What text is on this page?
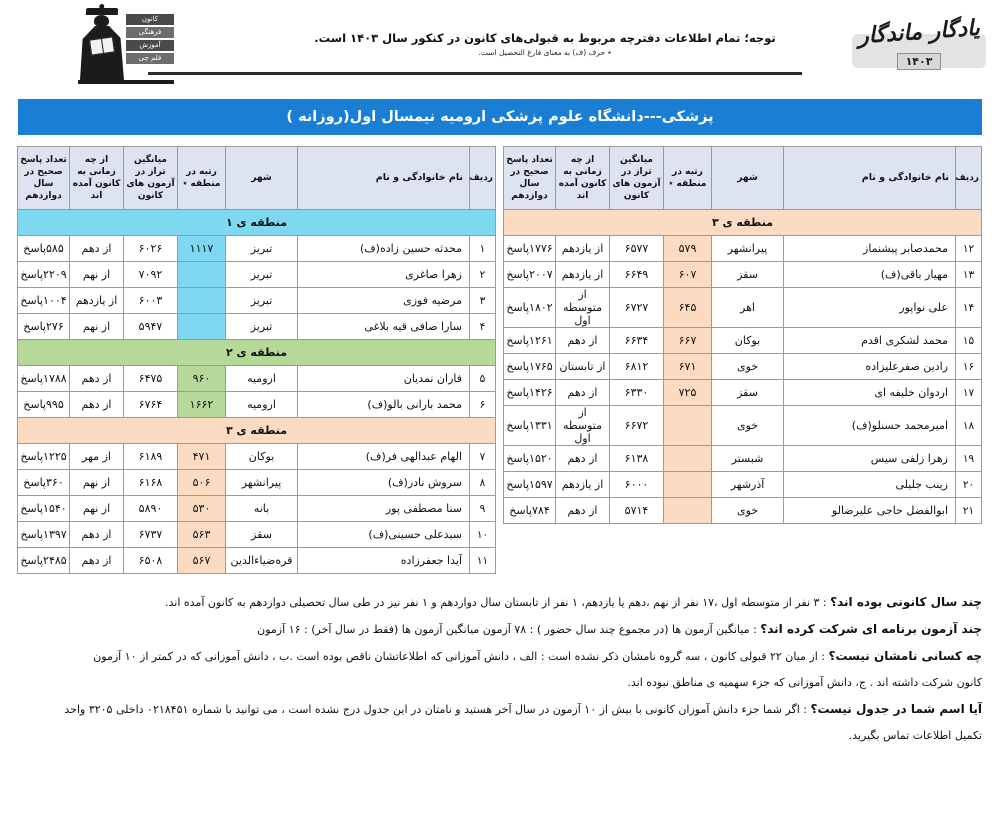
کانون
فرهنگی
آموزش
قلم چی
توجه؛ تمام اطلاعات دفترچه مربوط به قبولی‌های کانون در کنکور سال ۱۴۰۳ است.
٭ حرف (ف) به معنای فارغ التحصیل است.
یادگار ماندگار
۱۴۰۳
پزشکی---دانشگاه علوم پزشکی ارومیه نیمسال اول(روزانه )
ردیف	نام خانوادگی و نام	شهر	رتبه در منطقه ٭	میانگین تراز در آزمون های کانون	از چه زمانی به کانون آمده اند	تعداد پاسخ صحیح در سال دوازدهم
منطقه ی ۳						
۱۲	محمدصابر پیشنماز	پیرانشهر	۵۷۹	۶۵۷۷	از یازدهم	۱۷۷۶پاسخ
۱۳	مهیار باقی(ف)	سقز	۶۰۷	۶۶۴۹	از یازدهم	۲۰۰۷پاسخ
۱۴	علی نواپور	اهر	۶۴۵	۶۷۲۷	از متوسطه اول	۱۸۰۲پاسخ
۱۵	محمد لشکری اقدم	بوکان	۶۶۷	۶۶۳۴	از دهم	۱۲۶۱پاسخ
۱۶	رادین صفرعلیزاده	خوی	۶۷۱	۶۸۱۲	از تابستان	۱۷۶۵پاسخ
۱۷	اردوان خلیفه ای	سقز	۷۲۵	۶۳۳۰	از دهم	۱۴۲۶پاسخ
۱۸	امیرمحمد حسنلو(ف)	خوی		۶۶۷۲	از متوسطه اول	۱۳۳۱پاسخ
۱۹	زهرا زلفی سیس	شبستر		۶۱۳۸	از دهم	۱۵۲۰پاسخ
۲۰	زینب جلیلی	آذرشهر		۶۰۰۰	از یازدهم	۱۵۹۷پاسخ
۲۱	ابوالفضل حاجی علیرضالو	خوی		۵۷۱۴	از دهم	۷۸۴پاسخ
ردیف	نام خانوادگی و نام	شهر	رتبه در منطقه ٭	میانگین تراز در آزمون های کانون	از چه زمانی به کانون آمده اند	تعداد پاسخ صحیح در سال دوازدهم
منطقه ی ۱						
۱	محدثه حسین زاده(ف)	تبریز	۱۱۱۷	۶۰۲۶	از دهم	۵۸۵پاسخ
۲	زهرا صاغری	تبریز		۷۰۹۲	از نهم	۲۲۰۹پاسخ
۳	مرضیه فوزی	تبریز		۶۰۰۳	از یازدهم	۱۰۰۴پاسخ
۴	سارا صافی قیه بلاغی	تبریز		۵۹۴۷	از نهم	۲۷۶پاسخ
منطقه ی ۲						
۵	فاران نمدیان	ارومیه	۹۶۰	۶۴۷۵	از دهم	۱۷۸۸پاسخ
۶	محمد بارانی بالو(ف)	ارومیه	۱۶۶۲	۶۷۶۴	از دهم	۹۹۵پاسخ
منطقه ی ۳						
۷	الهام عبدالهی فر(ف)	بوکان	۴۷۱	۶۱۸۹	از مهر	۱۲۲۵پاسخ
۸	سروش نادر(ف)	پیرانشهر	۵۰۶	۶۱۶۸	از نهم	۳۶۰پاسخ
۹	سنا مصطفی پور	بانه	۵۳۰	۵۸۹۰	از نهم	۱۵۴۰پاسخ
۱۰	سیدعلی حسینی(ف)	سقز	۵۶۳	۶۷۳۷	از دهم	۱۳۹۷پاسخ
۱۱	آیدا جعفرزاده	قره‌ضیاءالدین	۵۶۷	۶۵۰۸	از دهم	۲۴۸۵پاسخ

چند سال کانونی بوده اند؟ : ۳ نفر از متوسطه اول ،۱۷ نفر از نهم ،دهم یا یازدهم، ۱ نفر از تابستان سال دوازدهم و ۱ نفر نیز در طی سال تحصیلی دوازدهم به کانون آمده اند.

چند آزمون برنامه ای شرکت کرده اند؟ : میانگین آزمون ها (در مجموع چند سال حضور ) : ۷۸ آزمون میانگین آزمون ها (فقط در سال آخر) : ۱۶ آزمون

چه کسانی نامشان نیست؟ : از میان ۲۲ قبولی کانون ، سه گروه نامشان ذکر نشده است : الف ، دانش آموزانی که اطلاعاتشان ناقص بوده است .ب ، دانش آموزانی که در کمتر از ۱۰ آزمون

کانون شرکت داشته اند . ج، دانش آموزانی که جزء سهمیه ی مناطق نبوده اند.

آیا اسم شما در جدول نیست؟ : اگر شما جزء دانش آموزان کانونی با بیش از ۱۰ آزمون در سال آخر هستید و نامتان در این جدول درج نشده است ، می توانید با شماره ۰۲۱۸۴۵۱ داخلی ۳۲۰۵ واحد

تکمیل اطلاعات تماس بگیرید.
